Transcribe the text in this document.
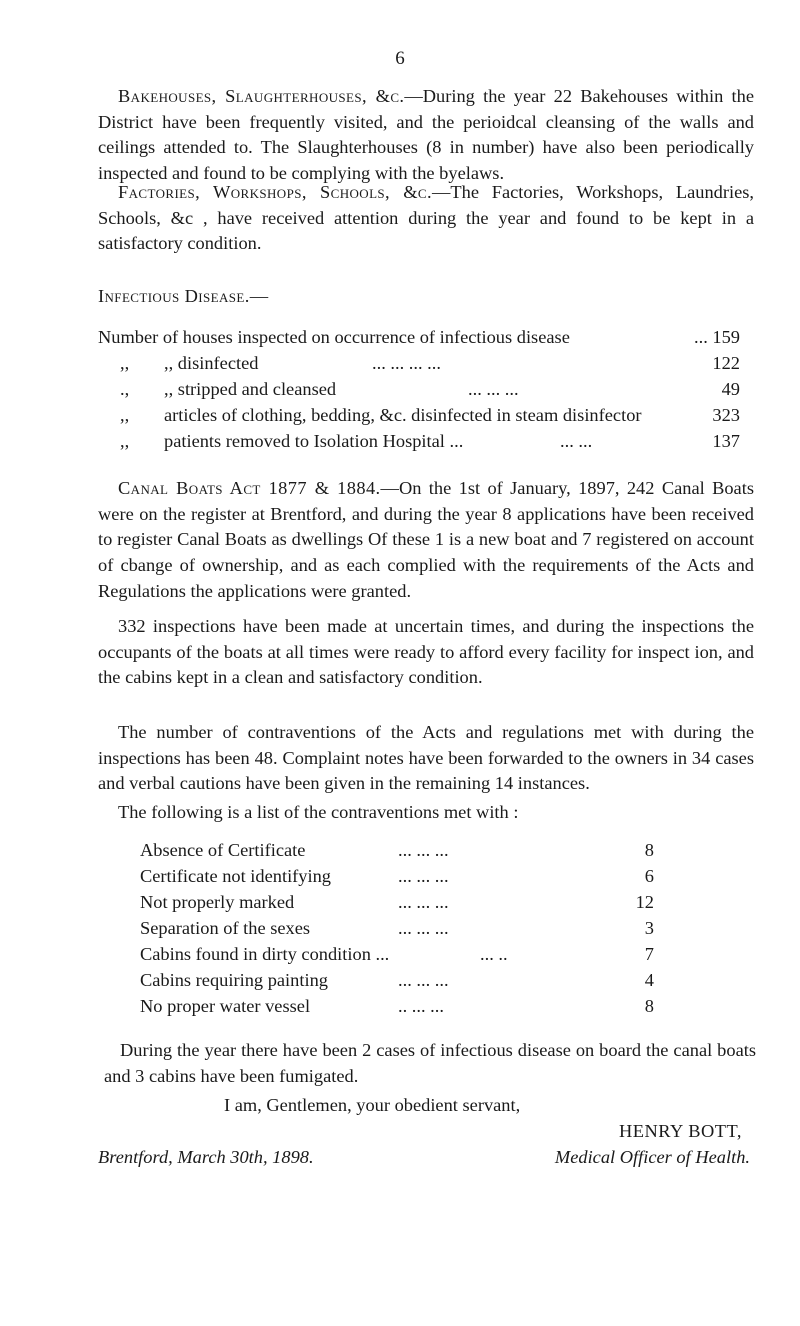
6

Bakehouses, Slaughterhouses, &c.—During the year 22 Bakehouses within the District have been frequently visited, and the perioidcal cleansing of the walls and ceilings attended to. The Slaughterhouses (8 in number) have also been periodically inspected and found to be complying with the byelaws.

Factories, Workshops, Schools, &c.—The Factories, Workshops, Laundries, Schools, &c , have received attention during the year and found to be kept in a satisfactory condition.

Infectious Disease.—

Number of houses inspected on occurrence of infectious disease	... 159
,, ,, disinfected	... ... ... ...	122
., ,, stripped and cleansed	... ... ...	49
,, articles of clothing, bedding, &c. disinfected in steam disinfector	323
,, patients removed to Isolation Hospital ...	... ...	137

Canal Boats Act 1877 & 1884.—On the 1st of January, 1897, 242 Canal Boats were on the register at Brentford, and during the year 8 applications have been received to register Canal Boats as dwellings Of these 1 is a new boat and 7 registered on account of cbange of ownership, and as each complied with the requirements of the Acts and Regulations the applications were granted.

332 inspections have been made at uncertain times, and during the inspections the occupants of the boats at all times were ready to afford every facility for inspect ion, and the cabins kept in a clean and satisfactory condition.

The number of contraventions of the Acts and regulations met with during the inspections has been 48. Complaint notes have been forwarded to the owners in 34 cases and verbal cautions have been given in the remaining 14 instances.

The following is a list of the contraventions met with :

Absence of Certificate	... ... ...	8
Certificate not identifying	... ... ...	6
Not properly marked	... ... ...	12
Separation of the sexes	... ... ...	3
Cabins found in dirty condition ...	... ..	7
Cabins requiring painting	... ... ...	4
No proper water vessel	.. ... ...	8

During the year there have been 2 cases of infectious disease on board the canal boats and 3 cabins have been fumigated.

I am, Gentlemen, your obedient servant,

HENRY BOTT,

Brentford, March 30th, 1898.	Medical Officer of Health.
